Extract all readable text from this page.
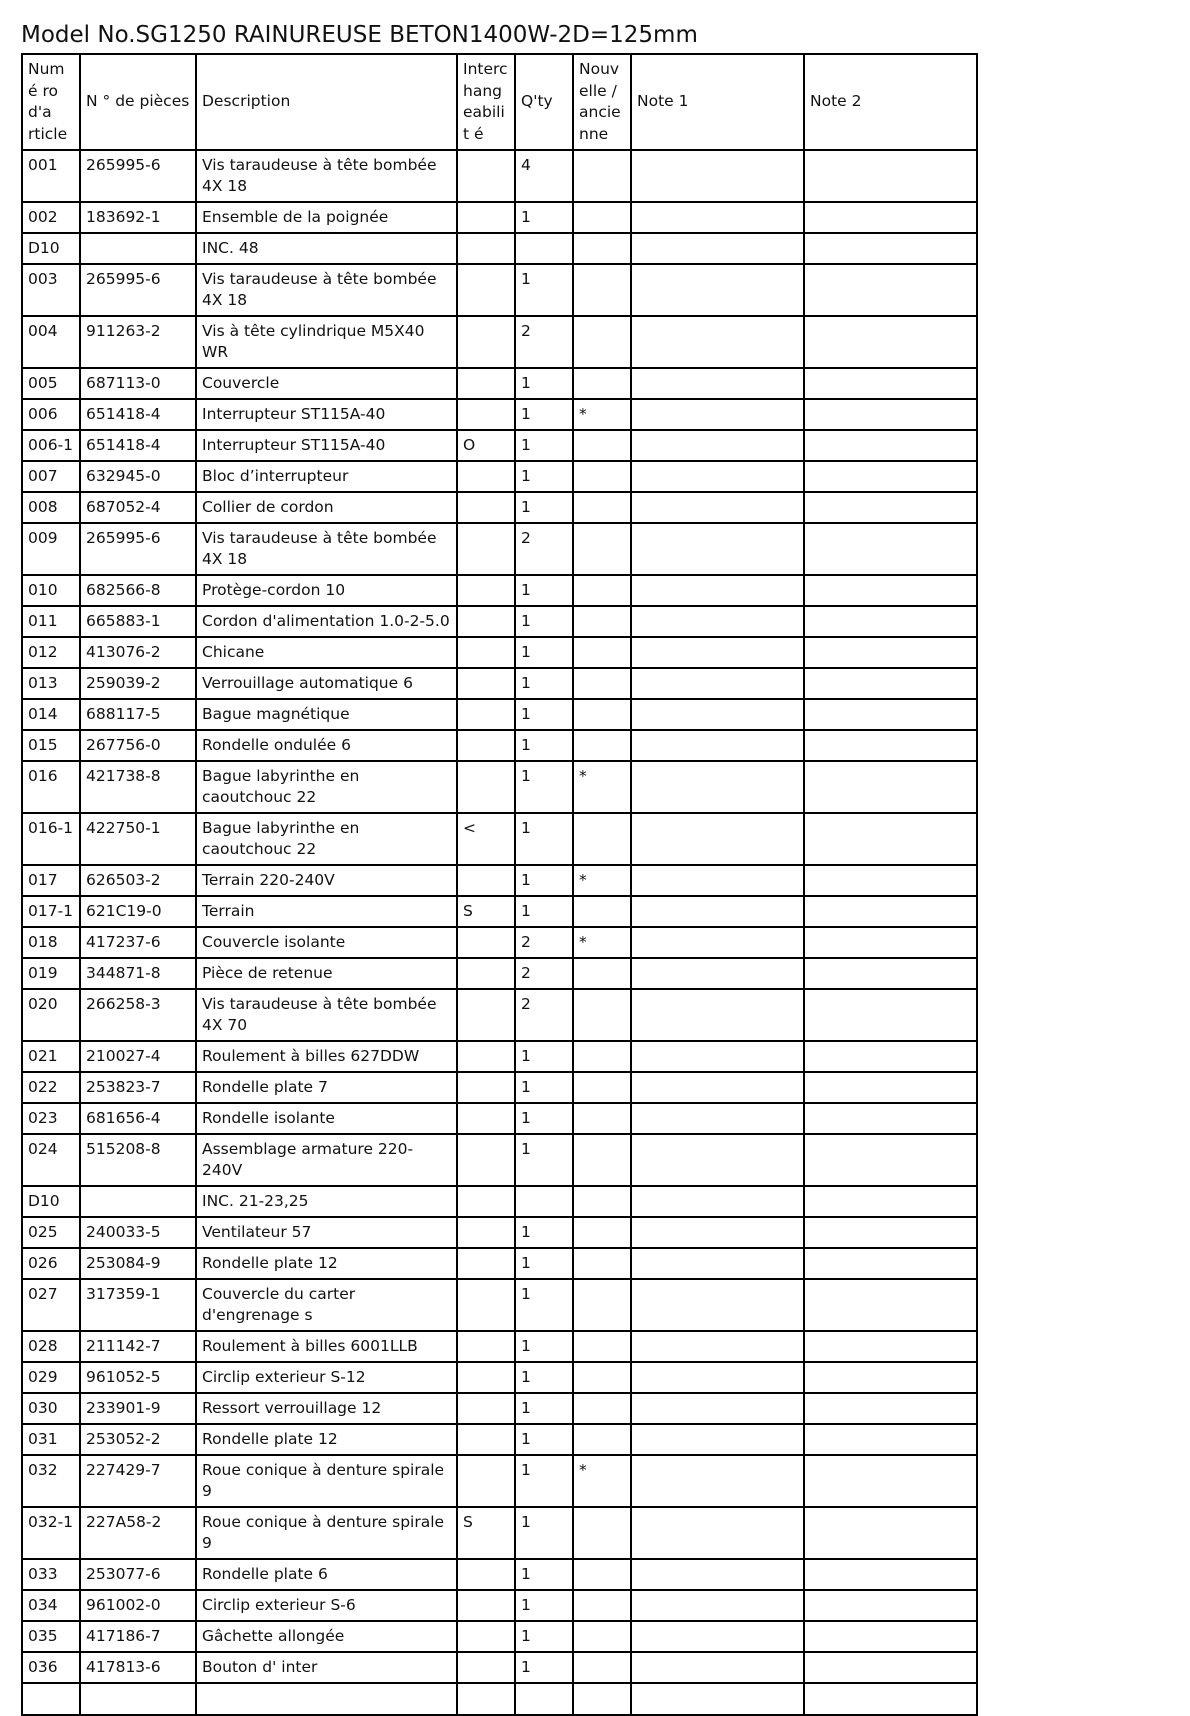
Model No.SG1250 RAINUREUSE BETON1400W-2D=125mm
Numé ro d'a rticle	N ° de pièces	Description	Interc hang eabilit é	Q'ty	Nouv elle / ancie nne	Note 1	Note 2
001	265995-6	Vis taraudeuse à tête bombée 4X 18		4			
002	183692-1	Ensemble de la poignée		1			
D10		INC. 48					
003	265995-6	Vis taraudeuse à tête bombée 4X 18		1			
004	911263-2	Vis à tête cylindrique M5X40 WR		2			
005	687113-0	Couvercle		1			
006	651418-4	Interrupteur ST115A-40		1	*		
006-1	651418-4	Interrupteur ST115A-40	O	1			
007	632945-0	Bloc d’interrupteur		1			
008	687052-4	Collier de cordon		1			
009	265995-6	Vis taraudeuse à tête bombée 4X 18		2			
010	682566-8	Protège-cordon 10		1			
011	665883-1	Cordon d'alimentation 1.0-2-5.0		1			
012	413076-2	Chicane		1			
013	259039-2	Verrouillage automatique 6		1			
014	688117-5	Bague magnétique		1			
015	267756-0	Rondelle ondulée 6		1			
016	421738-8	Bague labyrinthe en caoutchouc 22		1	*		
016-1	422750-1	Bague labyrinthe en caoutchouc 22	<	1			
017	626503-2	Terrain 220-240V		1	*		
017-1	621C19-0	Terrain	S	1			
018	417237-6	Couvercle isolante		2	*		
019	344871-8	Pièce de retenue		2			
020	266258-3	Vis taraudeuse à tête bombée 4X 70		2			
021	210027-4	Roulement à billes 627DDW		1			
022	253823-7	Rondelle plate 7		1			
023	681656-4	Rondelle isolante		1			
024	515208-8	Assemblage armature 220-240V		1			
D10		INC. 21-23,25					
025	240033-5	Ventilateur 57		1			
026	253084-9	Rondelle plate 12		1			
027	317359-1	Couvercle du carter d'engrenage s		1			
028	211142-7	Roulement à billes 6001LLB		1			
029	961052-5	Circlip exterieur S-12		1			
030	233901-9	Ressort verrouillage 12		1			
031	253052-2	Rondelle plate 12		1			
032	227429-7	Roue conique à denture spirale 9		1	*		
032-1	227A58-2	Roue conique à denture spirale 9	S	1			
033	253077-6	Rondelle plate 6		1			
034	961002-0	Circlip exterieur S-6		1			
035	417186-7	Gâchette allongée		1			
036	417813-6	Bouton d' inter		1			
